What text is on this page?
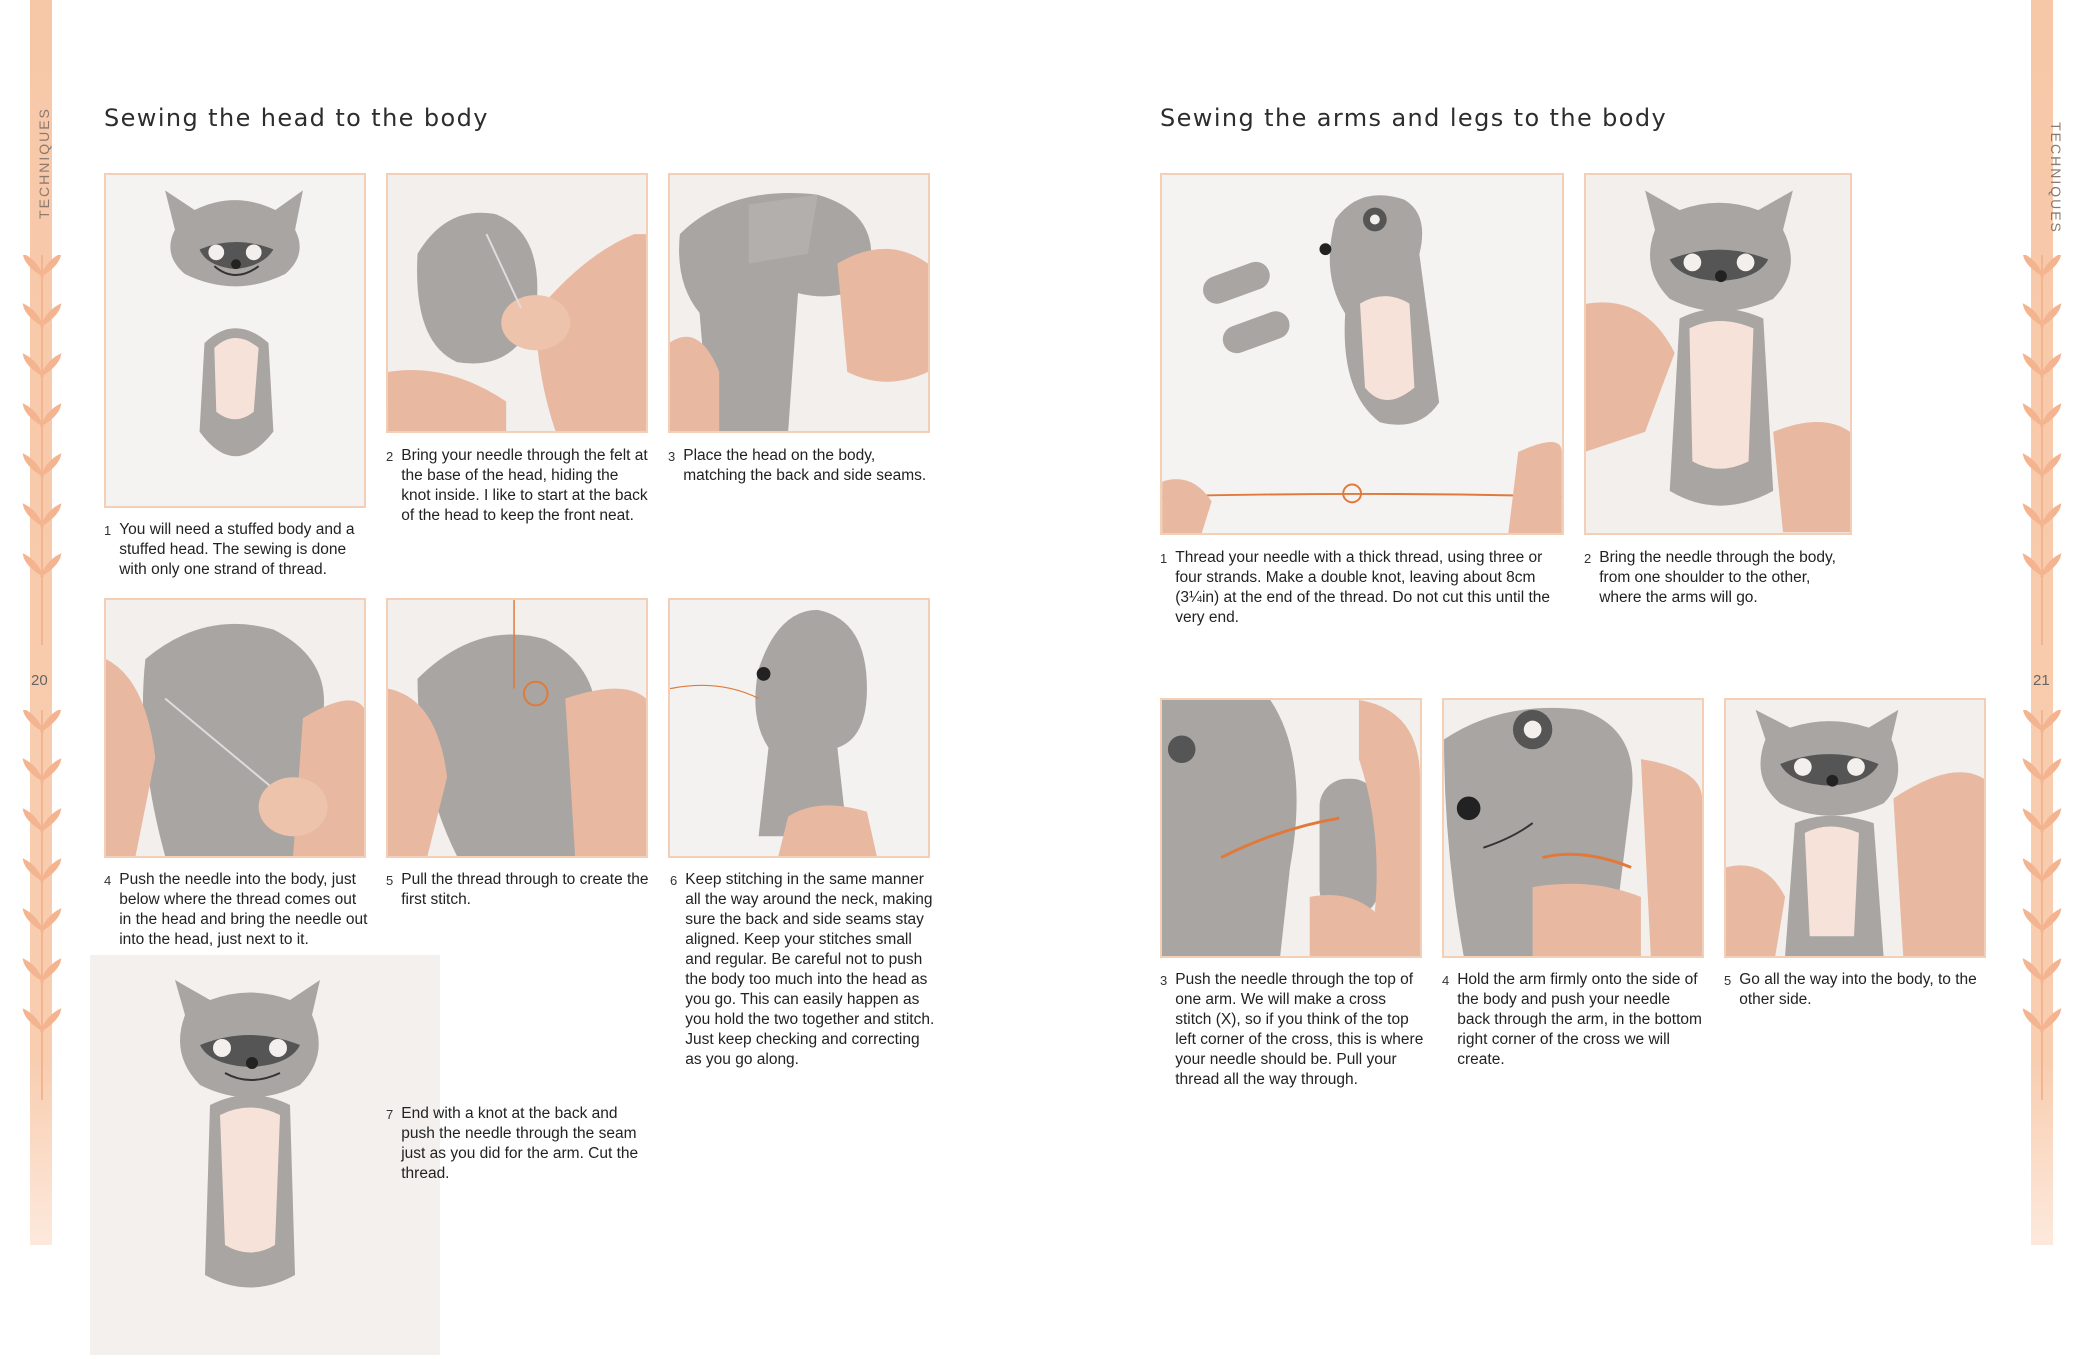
TECHNIQUES	TECHNIQUES
20	21
Sewing the head to the body
1 You will need a stuffed body and a stuffed head. The sewing is done with only one strand of thread.
2 Bring your needle through the felt at the base of the head, hiding the knot inside. I like to start at the back of the head to keep the front neat.
3 Place the head on the body, matching the back and side seams.
4 Push the needle into the body, just below where the thread comes out in the head and bring the needle out into the head, just next to it.
5 Pull the thread through to create the first stitch.
6 Keep stitching in the same manner all the way around the neck, making sure the back and side seams stay aligned. Keep your stitches small and regular. Be careful not to push the body too much into the head as you go. This can easily happen as you hold the two together and stitch. Just keep checking and correcting as you go along.
7 End with a knot at the back and push the needle through the seam just as you did for the arm. Cut the thread.
Sewing the arms and legs to the body
1 Thread your needle with a thick thread, using three or four strands. Make a double knot, leaving about 8cm (3¼in) at the end of the thread. Do not cut this until the very end.
2 Bring the needle through the body, from one shoulder to the other, where the arms will go.
3 Push the needle through the top of one arm. We will make a cross stitch (X), so if you think of the top left corner of the cross, this is where your needle should be. Pull your thread all the way through.
4 Hold the arm firmly onto the side of the body and push your needle back through the arm, in the bottom right corner of the cross we will create.
5 Go all the way into the body, to the other side.
